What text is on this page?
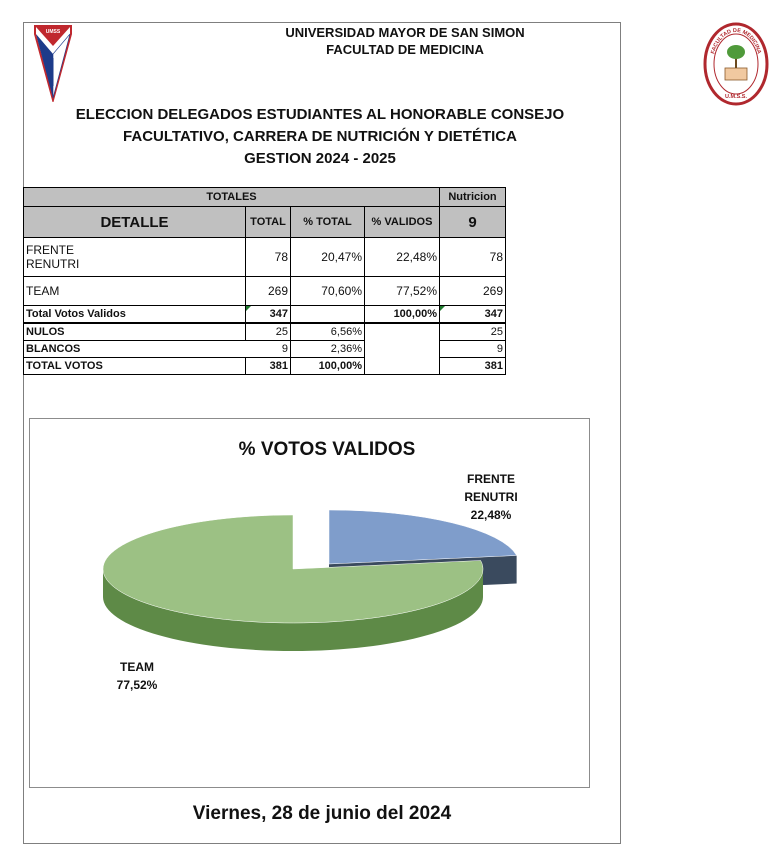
UMSS
FACULTAD DE MEDICINA
U.M.S.S.
UNIVERSIDAD MAYOR DE SAN SIMON
FACULTAD DE MEDICINA
ELECCION DELEGADOS ESTUDIANTES AL HONORABLE CONSEJO
FACULTATIVO, CARRERA DE NUTRICIÓN Y DIETÉTICA
GESTION 2024 - 2025
TOTALES				Nutricion
DETALLE	TOTAL	% TOTAL	% VALIDOS	9

FRENTE
RENUTRI	78	20,47%	22,48%	78
TEAM	269	70,60%	77,52%	269
Total Votos Validos	347		100,00%	347
NULOS	25	6,56%		25
BLANCOS	9	2,36%		9
TOTAL VOTOS	381	100,00%		381
% VOTOS VALIDOS
FRENTE
RENUTRI
22,48%
TEAM
77,52%
Viernes, 28 de junio del 2024
